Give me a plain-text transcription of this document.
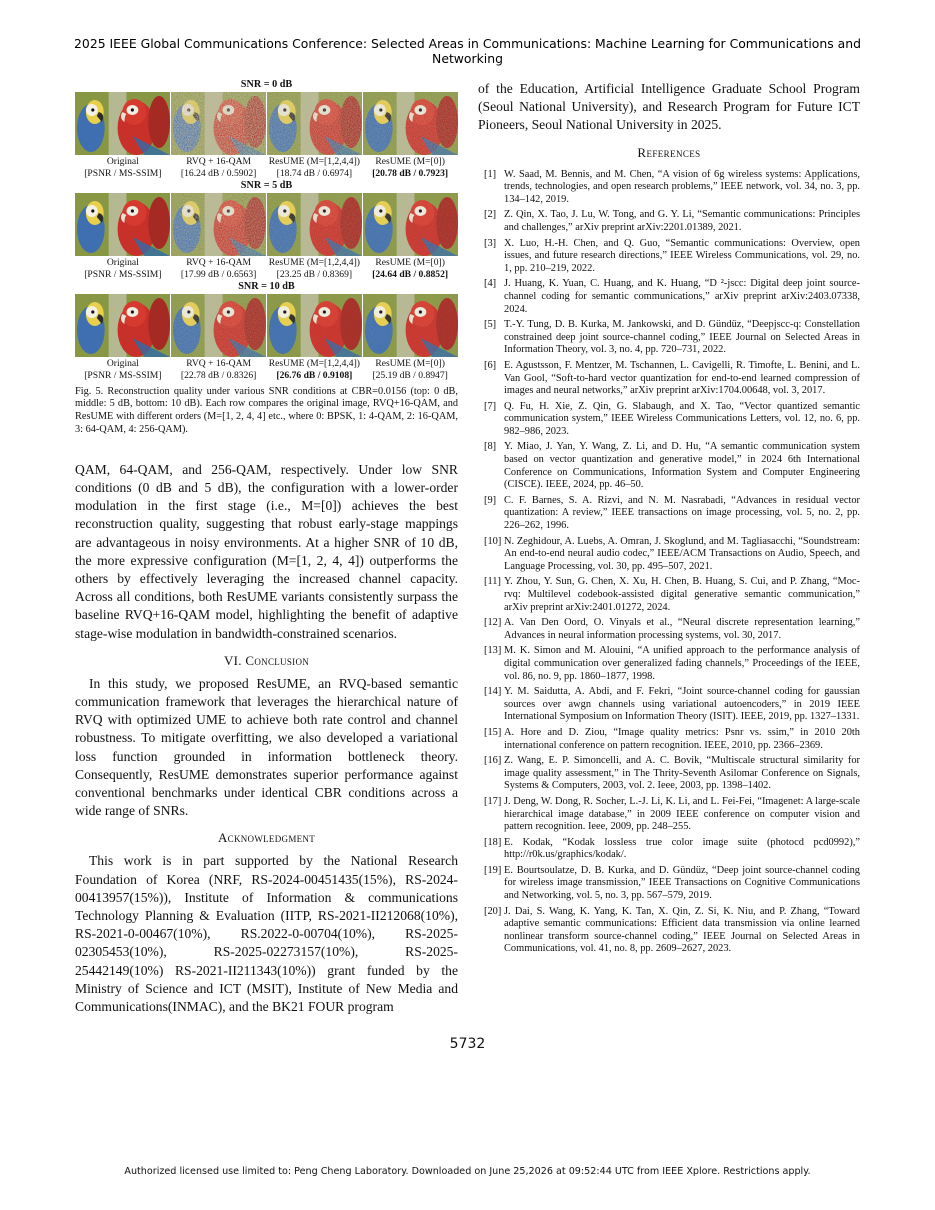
2025 IEEE Global Communications Conference: Selected Areas in Communications: Machine Learning for Communications and Networking
SNR = 0 dB
Original	RVQ + 16-QAM	ResUME (M=[1,2,4,4])	ResUME (M=[0])
[PSNR / MS-SSIM]	[16.24 dB / 0.5902]	[18.74 dB / 0.6974]	[20.78 dB / 0.7923]
SNR = 5 dB
Original	RVQ + 16-QAM	ResUME (M=[1,2,4,4])	ResUME (M=[0])
[PSNR / MS-SSIM]	[17.99 dB / 0.6563]	[23.25 dB / 0.8369]	[24.64 dB / 0.8852]
SNR = 10 dB
Original	RVQ + 16-QAM	ResUME (M=[1,2,4,4])	ResUME (M=[0])
[PSNR / MS-SSIM]	[22.78 dB / 0.8326]	[26.76 dB / 0.9108]	[25.19 dB / 0.8947]
Fig. 5. Reconstruction quality under various SNR conditions at CBR=0.0156 (top: 0 dB, middle: 5 dB, bottom: 10 dB). Each row compares the original image, RVQ+16-QAM, and ResUME with different orders (M=[1, 2, 4, 4] etc., where 0: BPSK, 1: 4-QAM, 2: 16-QAM, 3: 64-QAM, 4: 256-QAM).

QAM, 64-QAM, and 256-QAM, respectively. Under low SNR conditions (0 dB and 5 dB), the configuration with a lower-order modulation in the first stage (i.e., M=[0]) achieves the best reconstruction quality, suggesting that robust early-stage mappings are advantageous in noisy environments. At a higher SNR of 10 dB, the more expressive configuration (M=[1, 2, 4, 4]) outperforms the others by effectively leveraging the increased channel capacity. Across all conditions, both ResUME variants consistently surpass the baseline RVQ+16-QAM model, highlighting the benefit of adaptive stage-wise modulation in bandwidth-constrained scenarios.

VI. Conclusion

In this study, we proposed ResUME, an RVQ-based semantic communication framework that leverages the hierarchical nature of RVQ with optimized UME to achieve both rate control and channel robustness. To mitigate overfitting, we also developed a variational loss function grounded in information bottleneck theory. Consequently, ResUME demonstrates superior performance against conventional benchmarks under identical CBR conditions across a wide range of SNRs.

Acknowledgment

This work is in part supported by the National Research Foundation of Korea (NRF, RS-2024-00451435(15%), RS-2024-00413957(15%)), Institute of Information & communications Technology Planning & Evaluation (IITP, RS-2021-II212068(10%), RS-2021-0-00467(10%), RS.2022-0-00704(10%), RS-2025-02305453(10%), RS-2025-02273157(10%), RS-2025-25442149(10%) RS-2021-II211343(10%)) grant funded by the Ministry of Science and ICT (MSIT), Institute of New Media and Communications(INMAC), and the BK21 FOUR program

of the Education, Artificial Intelligence Graduate School Program (Seoul National University), and Research Program for Future ICT Pioneers, Seoul National University in 2025.

References
[1] W. Saad, M. Bennis, and M. Chen, “A vision of 6g wireless systems: Applications, trends, technologies, and open research problems,” IEEE network, vol. 34, no. 3, pp. 134–142, 2019.
[2] Z. Qin, X. Tao, J. Lu, W. Tong, and G. Y. Li, “Semantic communications: Principles and challenges,” arXiv preprint arXiv:2201.01389, 2021.
[3] X. Luo, H.-H. Chen, and Q. Guo, “Semantic communications: Overview, open issues, and future research directions,” IEEE Wireless Communications, vol. 29, no. 1, pp. 210–219, 2022.
[4] J. Huang, K. Yuan, C. Huang, and K. Huang, “D ²-jscc: Digital deep joint source-channel coding for semantic communications,” arXiv preprint arXiv:2403.07338, 2024.
[5] T.-Y. Tung, D. B. Kurka, M. Jankowski, and D. Gündüz, “Deepjscc-q: Constellation constrained deep joint source-channel coding,” IEEE Journal on Selected Areas in Information Theory, vol. 3, no. 4, pp. 720–731, 2022.
[6] E. Agustsson, F. Mentzer, M. Tschannen, L. Cavigelli, R. Timofte, L. Benini, and L. Van Gool, “Soft-to-hard vector quantization for end-to-end learned compression of images and neural networks,” arXiv preprint arXiv:1704.00648, vol. 3, 2017.
[7] Q. Fu, H. Xie, Z. Qin, G. Slabaugh, and X. Tao, “Vector quantized semantic communication system,” IEEE Wireless Communications Letters, vol. 12, no. 6, pp. 982–986, 2023.
[8] Y. Miao, J. Yan, Y. Wang, Z. Li, and D. Hu, “A semantic communication system based on vector quantization and generative model,” in 2024 6th International Conference on Communications, Information System and Computer Engineering (CISCE). IEEE, 2024, pp. 46–50.
[9] C. F. Barnes, S. A. Rizvi, and N. M. Nasrabadi, “Advances in residual vector quantization: A review,” IEEE transactions on image processing, vol. 5, no. 2, pp. 226–262, 1996.
[10] N. Zeghidour, A. Luebs, A. Omran, J. Skoglund, and M. Tagliasacchi, “Soundstream: An end-to-end neural audio codec,” IEEE/ACM Transactions on Audio, Speech, and Language Processing, vol. 30, pp. 495–507, 2021.
[11] Y. Zhou, Y. Sun, G. Chen, X. Xu, H. Chen, B. Huang, S. Cui, and P. Zhang, “Moc-rvq: Multilevel codebook-assisted digital generative semantic communication,” arXiv preprint arXiv:2401.01272, 2024.
[12] A. Van Den Oord, O. Vinyals et al., “Neural discrete representation learning,” Advances in neural information processing systems, vol. 30, 2017.
[13] M. K. Simon and M. Alouini, “A unified approach to the performance analysis of digital communication over generalized fading channels,” Proceedings of the IEEE, vol. 86, no. 9, pp. 1860–1877, 1998.
[14] Y. M. Saidutta, A. Abdi, and F. Fekri, “Joint source-channel coding for gaussian sources over awgn channels using variational autoencoders,” in 2019 IEEE International Symposium on Information Theory (ISIT). IEEE, 2019, pp. 1327–1331.
[15] A. Hore and D. Ziou, “Image quality metrics: Psnr vs. ssim,” in 2010 20th international conference on pattern recognition. IEEE, 2010, pp. 2366–2369.
[16] Z. Wang, E. P. Simoncelli, and A. C. Bovik, “Multiscale structural similarity for image quality assessment,” in The Thrity-Seventh Asilomar Conference on Signals, Systems & Computers, 2003, vol. 2. Ieee, 2003, pp. 1398–1402.
[17] J. Deng, W. Dong, R. Socher, L.-J. Li, K. Li, and L. Fei-Fei, “Imagenet: A large-scale hierarchical image database,” in 2009 IEEE conference on computer vision and pattern recognition. Ieee, 2009, pp. 248–255.
[18] E. Kodak, “Kodak lossless true color image suite (photocd pcd0992),” http://r0k.us/graphics/kodak/.
[19] E. Bourtsoulatze, D. B. Kurka, and D. Gündüz, “Deep joint source-channel coding for wireless image transmission,” IEEE Transactions on Cognitive Communications and Networking, vol. 5, no. 3, pp. 567–579, 2019.
[20] J. Dai, S. Wang, K. Yang, K. Tan, X. Qin, Z. Si, K. Niu, and P. Zhang, “Toward adaptive semantic communications: Efficient data transmission via online learned nonlinear transform source-channel coding,” IEEE Journal on Selected Areas in Communications, vol. 41, no. 8, pp. 2609–2627, 2023.
5732
Authorized licensed use limited to: Peng Cheng Laboratory. Downloaded on June 25,2026 at 09:52:44 UTC from IEEE Xplore. Restrictions apply.
